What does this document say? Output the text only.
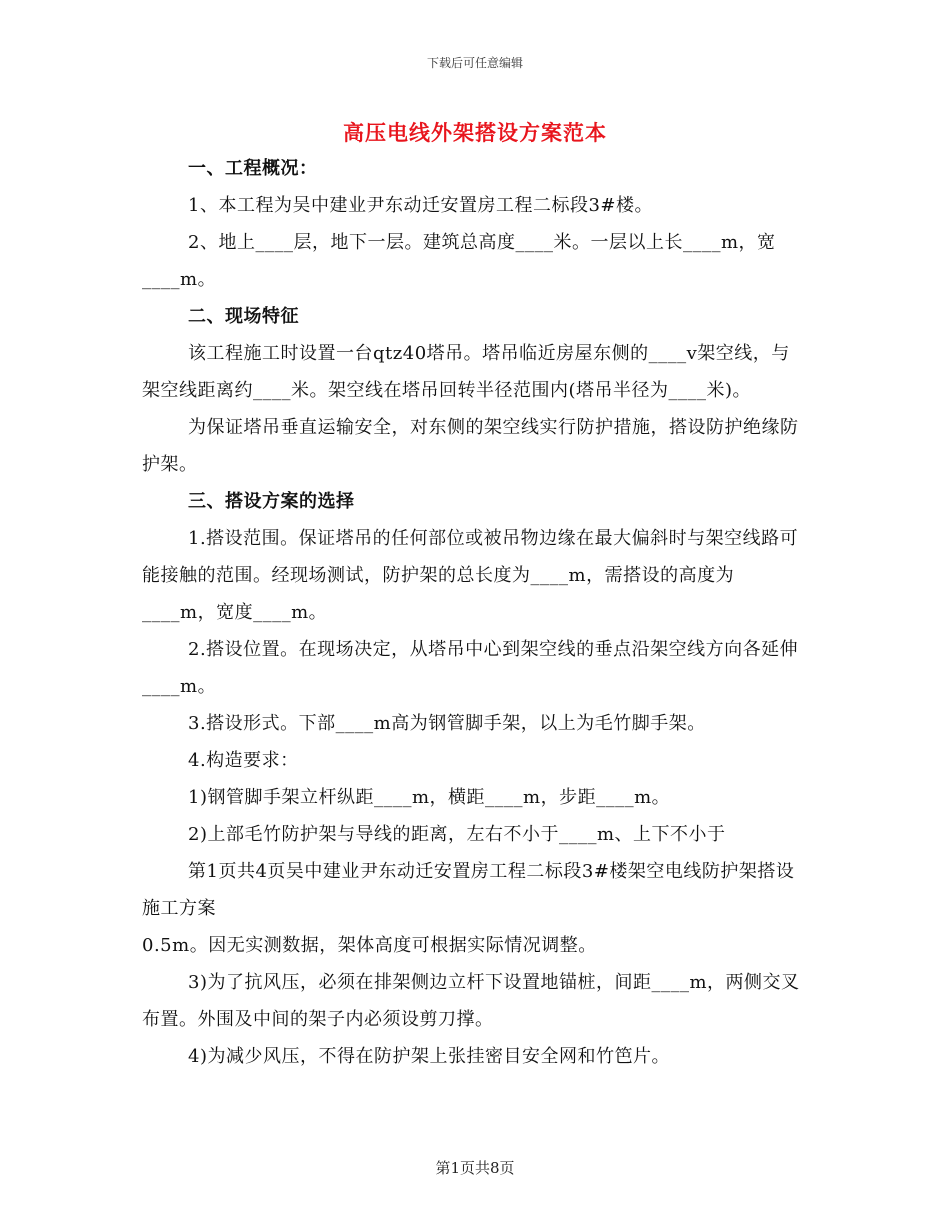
下载后可任意编辑
高压电线外架搭设方案范本

一、工程概况：

1、本工程为吴中建业尹东动迁安置房工程二标段3#楼。

2、地上____层，地下一层。建筑总高度____米。一层以上长____m，宽____m。

二、现场特征

该工程施工时设置一台qtz40塔吊。塔吊临近房屋东侧的____v架空线，与架空线距离约____米。架空线在塔吊回转半径范围内(塔吊半径为____米)。

为保证塔吊垂直运输安全，对东侧的架空线实行防护措施，搭设防护绝缘防护架。

三、搭设方案的选择

1.搭设范围。保证塔吊的任何部位或被吊物边缘在最大偏斜时与架空线路可能接触的范围。经现场测试，防护架的总长度为____m，需搭设的高度为____m，宽度____m。

2.搭设位置。在现场决定，从塔吊中心到架空线的垂点沿架空线方向各延伸____m。

3.搭设形式。下部____m高为钢管脚手架，以上为毛竹脚手架。

4.构造要求：

1)钢管脚手架立杆纵距____m，横距____m，步距____m。

2)上部毛竹防护架与导线的距离，左右不小于____m、上下不小于

第1页共4页吴中建业尹东动迁安置房工程二标段3#楼架空电线防护架搭设施工方案

0.5m。因无实测数据，架体高度可根据实际情况调整。

3)为了抗风压，必须在排架侧边立杆下设置地锚桩，间距____m，两侧交叉布置。外围及中间的架子内必须设剪刀撑。

4)为减少风压，不得在防护架上张挂密目安全网和竹笆片。

第1页共8页
